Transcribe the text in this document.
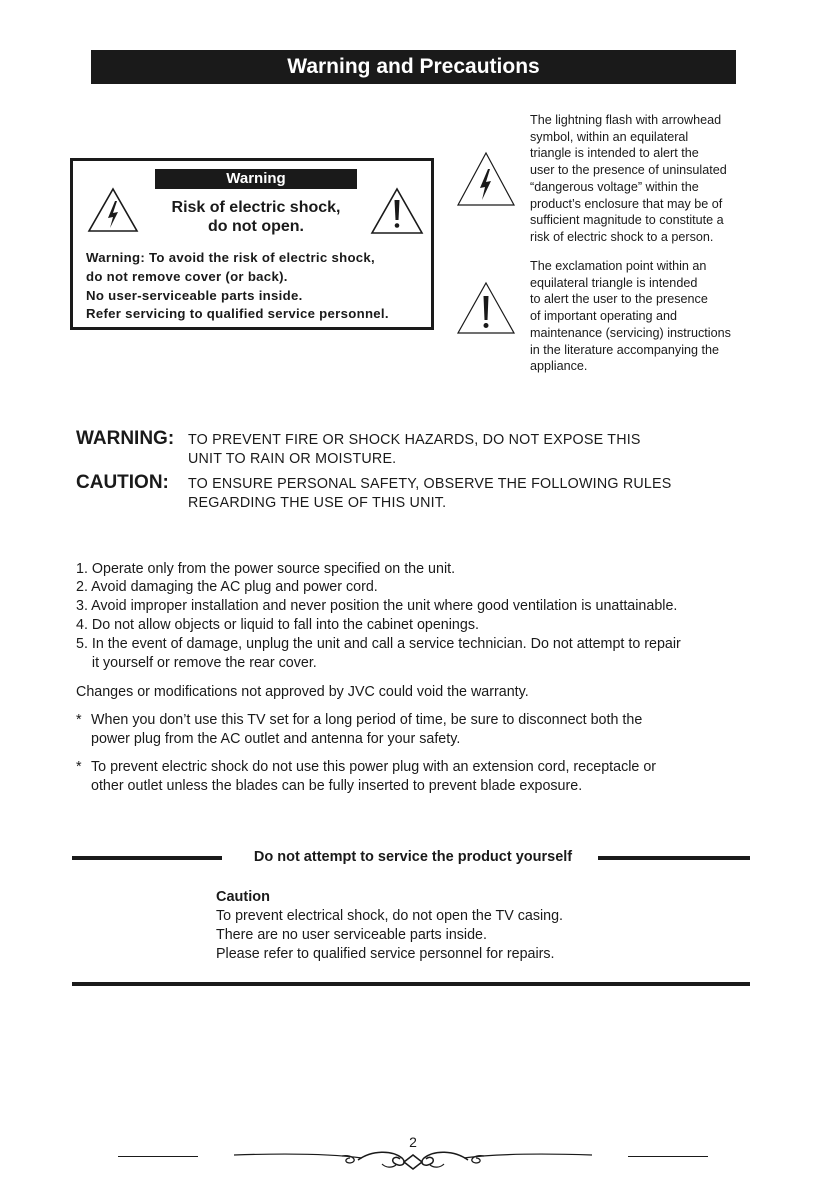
Warning and Precautions
Warning
Risk of electric shock,
do not open.
Warning: To avoid the risk of electric shock,
do not remove cover (or back).
No user-serviceable parts inside.
Refer servicing to qualified service personnel.
The lightning flash with arrowhead
symbol, within an equilateral
triangle is intended to alert the
user to the presence of uninsulated
“dangerous voltage” within the
product’s enclosure that may be of
sufficient magnitude to constitute a
risk of electric shock to a person.
The exclamation point within an
equilateral triangle is intended
to alert the user to the presence
of important operating and
maintenance (servicing) instructions
in the literature accompanying the
appliance.
WARNING: TO PREVENT FIRE OR SHOCK HAZARDS, DO NOT EXPOSE THIS
UNIT TO RAIN OR MOISTURE.
CAUTION: TO ENSURE PERSONAL SAFETY, OBSERVE THE FOLLOWING RULES
REGARDING THE USE OF THIS UNIT.
1. Operate only from the power source specified on the unit.
2. Avoid damaging the AC plug and power cord.
3. Avoid improper installation and never position the unit where good ventilation is unattainable.
4. Do not allow objects or liquid to fall into the cabinet openings.
5. In the event of damage, unplug the unit and call a service technician. Do not attempt to repair
it yourself or remove the rear cover.
Changes or modifications not approved by JVC could void the warranty.
* When you don’t use this TV set for a long period of time, be sure to disconnect both the
power plug from the AC outlet and antenna for your safety.
* To prevent electric shock do not use this power plug with an extension cord, receptacle or
other outlet unless the blades can be fully inserted to prevent blade exposure.
Do not attempt to service the product yourself
Caution
To prevent electrical shock, do not open the TV casing.
There are no user serviceable parts inside.
Please refer to qualified service personnel for repairs.
2
